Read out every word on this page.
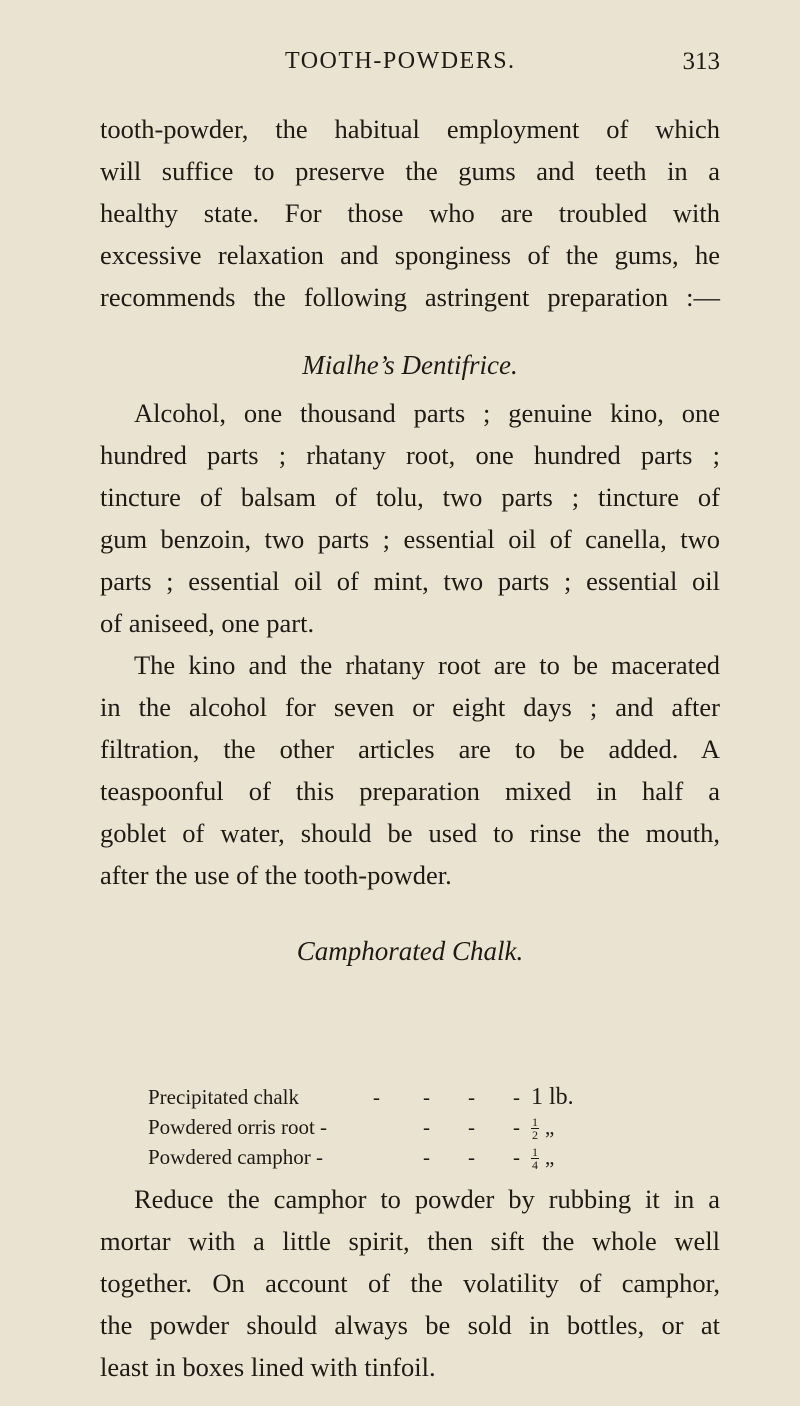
TOOTH-POWDERS.	313
tooth-powder, the habitual employment of which
will suffice to preserve the gums and teeth in a
healthy state. For those who are troubled with
excessive relaxation and sponginess of the gums, he
recommends the following astringent preparation :—
Mialhe’s Dentifrice.
Alcohol, one thousand parts ; genuine kino, one
hundred parts ; rhatany root, one hundred parts ;
tincture of balsam of tolu, two parts ; tincture of
gum benzoin, two parts ; essential oil of canella, two
parts ; essential oil of mint, two parts ; essential oil
of aniseed, one part.
The kino and the rhatany root are to be macerated
in the alcohol for seven or eight days ; and after
filtration, the other articles are to be added. A
teaspoonful of this preparation mixed in half a
goblet of water, should be used to rinse the mouth,
after the use of the tooth-powder.
Camphorated Chalk.
Precipitated chalk	- - - - 1 lb.
Powdered orris root -	- - - $\frac{1}{2}$ „
Powdered camphor -	- - - $\frac{1}{4}$ „
Reduce the camphor to powder by rubbing it in a
mortar with a little spirit, then sift the whole well
together. On account of the volatility of camphor,
the powder should always be sold in bottles, or at
least in boxes lined with tinfoil.
